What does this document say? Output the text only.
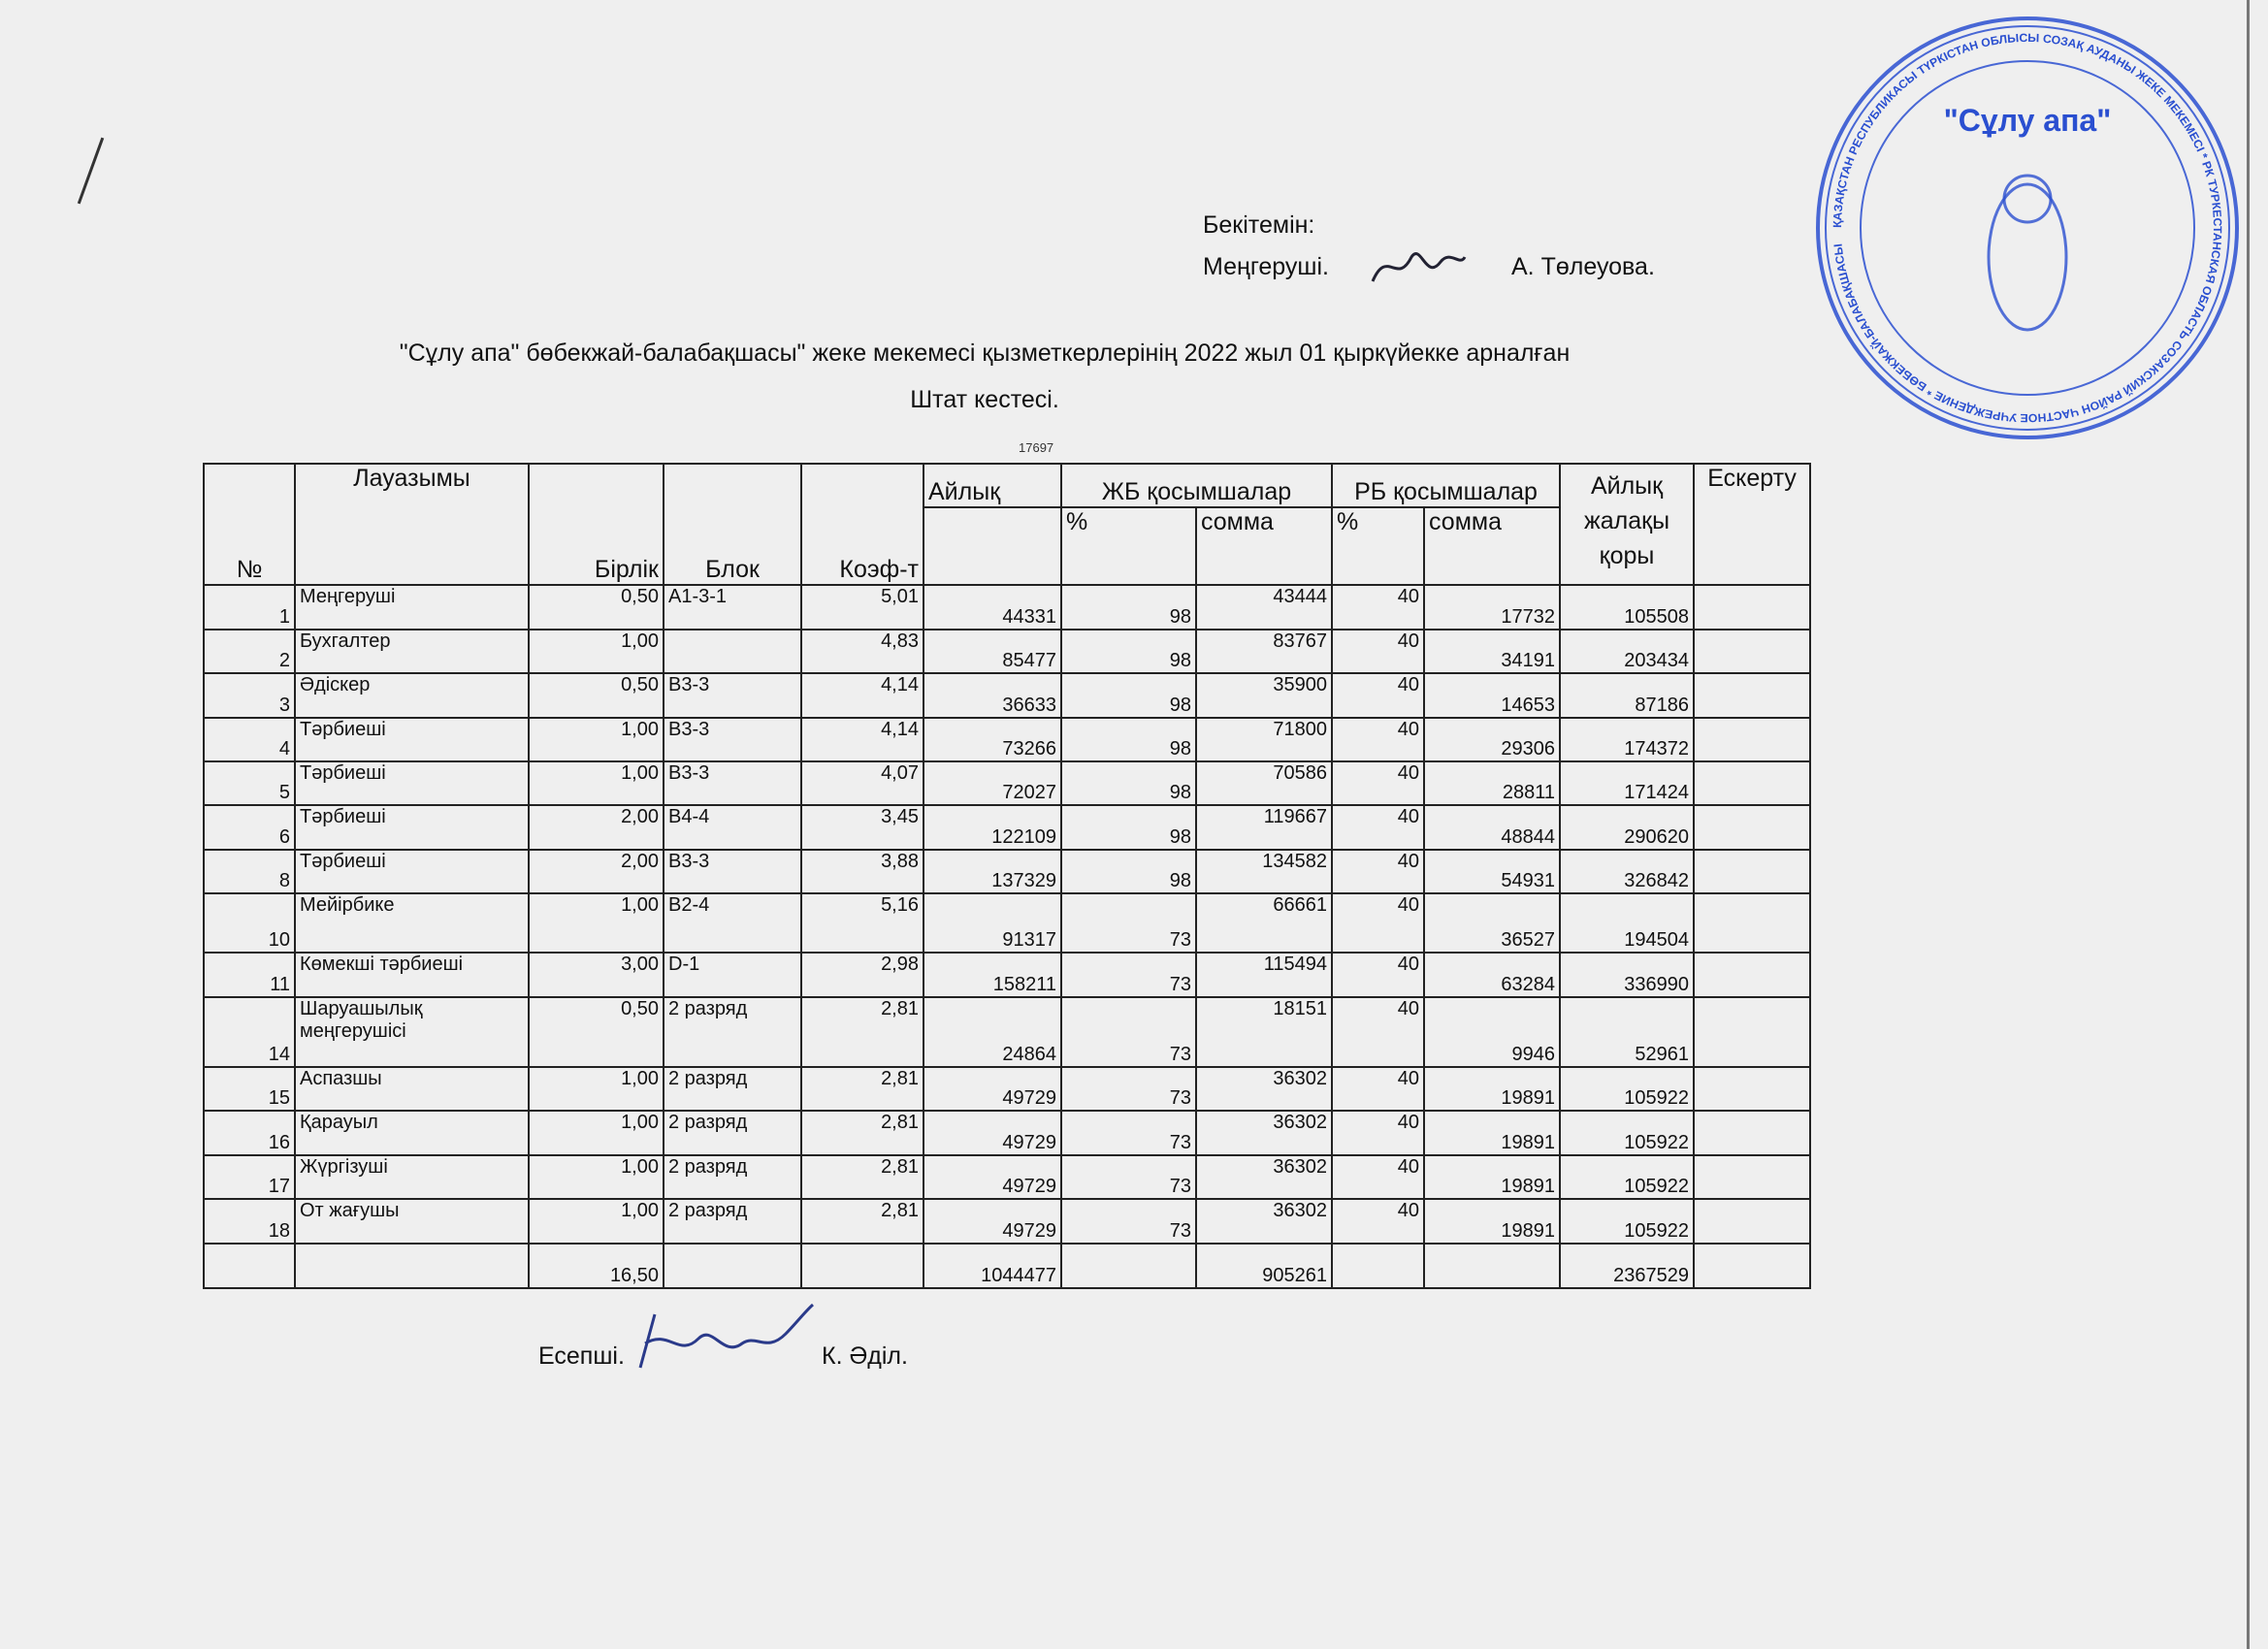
Бекітемін:
Меңгеруші.	А. Төлеуова.
ҚАЗАҚСТАН РЕСПУБЛИКАСЫ ТҮРКІСТАН ОБЛЫСЫ СОЗАҚ АУДАНЫ ЖЕКЕ МЕКЕМЕСІ * РК ТУРКЕСТАНСКАЯ ОБЛАСТЬ СОЗАКСКИЙ РАЙОН ЧАСТНОЕ УЧРЕЖДЕНИЕ * БӨБЕКЖАЙ-БАЛАБАҚШАСЫ
"Сұлу апа"
"Сұлу апа" бөбекжай-балабақшасы" жеке мекемесі қызметкерлерінің 2022 жыл 01 қыркүйекке арналған
Штат кестесі.
17697
№	Лауазымы	Бірлік	Блок	Коэф-т	Айлық	ЖБ қосымшалар		РБ қосымшалар		Айлық жалақы қоры	Ескерту
						%	сомма	%	сомма		
1	Меңгеруші	0,50	А1-3-1	5,01	44331	98	43444	40	17732	105508	
2	Бухгалтер	1,00		4,83	85477	98	83767	40	34191	203434	
3	Әдіскер	0,50	В3-3	4,14	36633	98	35900	40	14653	87186	
4	Тәрбиеші	1,00	В3-3	4,14	73266	98	71800	40	29306	174372	
5	Тәрбиеші	1,00	В3-3	4,07	72027	98	70586	40	28811	171424	
6	Тәрбиеші	2,00	В4-4	3,45	122109	98	119667	40	48844	290620	
8	Тәрбиеші	2,00	В3-3	3,88	137329	98	134582	40	54931	326842	
10	Мейірбике	1,00	В2-4	5,16	91317	73	66661	40	36527	194504	
11	Көмекші тәрбиеші	3,00	D-1	2,98	158211	73	115494	40	63284	336990	
14	Шаруашылық меңгерушісі	0,50	2 разряд	2,81	24864	73	18151	40	9946	52961	
15	Аспазшы	1,00	2 разряд	2,81	49729	73	36302	40	19891	105922	
16	Қарауыл	1,00	2 разряд	2,81	49729	73	36302	40	19891	105922	
17	Жүргізуші	1,00	2 разряд	2,81	49729	73	36302	40	19891	105922	
18	От жағушы	1,00	2 разряд	2,81	49729	73	36302	40	19891	105922	
		16,50			1044477		905261			2367529	
Есепші.	К. Әділ.
